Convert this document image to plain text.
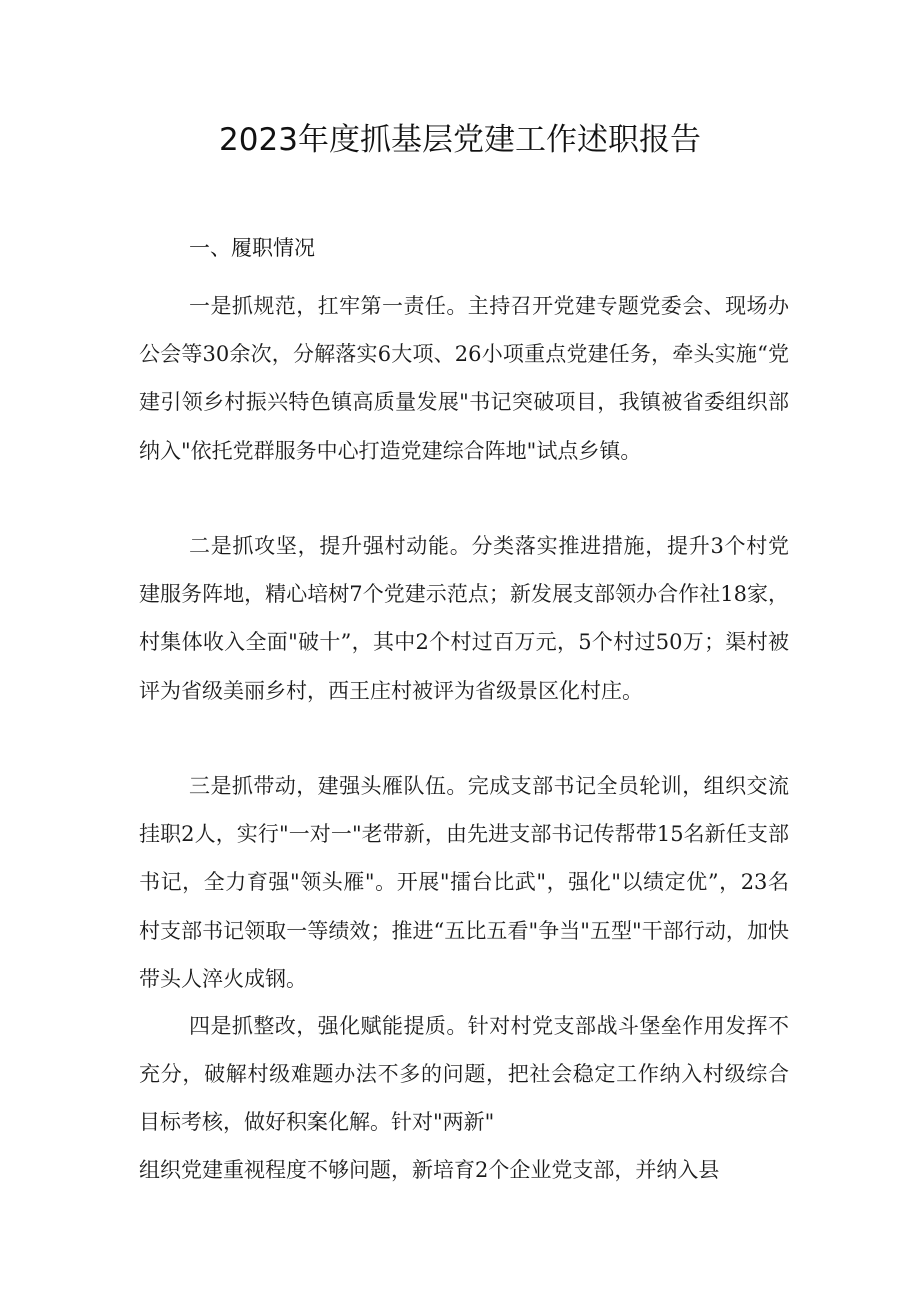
2023年度抓基层党建工作述职报告
一、履职情况

一是抓规范，扛牢第一责任。主持召开党建专题党委会、现场办公会等30余次，分解落实6大项、26小项重点党建任务，牵头实施“党建引领乡村振兴特色镇高质量发展"书记突破项目，我镇被省委组织部纳入"依托党群服务中心打造党建综合阵地"试点乡镇。

二是抓攻坚，提升强村动能。分类落实推进措施，提升3个村党建服务阵地，精心培树7个党建示范点；新发展支部领办合作社18家，村集体收入全面"破十”，其中2个村过百万元，5个村过50万；渠村被评为省级美丽乡村，西王庄村被评为省级景区化村庄。

三是抓带动，建强头雁队伍。完成支部书记全员轮训，组织交流挂职2人，实行"一对一"老带新，由先进支部书记传帮带15名新任支部书记，全力育强"领头雁"。开展"擂台比武"，强化"以绩定优”，23名村支部书记领取一等绩效；推进“五比五看"争当"五型"干部行动，加快带头人淬火成钢。

四是抓整改，强化赋能提质。针对村党支部战斗堡垒作用发挥不充分，破解村级难题办法不多的问题，把社会稳定工作纳入村级综合目标考核，做好积案化解。针对"两新"

组织党建重视程度不够问题，新培育2个企业党支部，并纳入县
